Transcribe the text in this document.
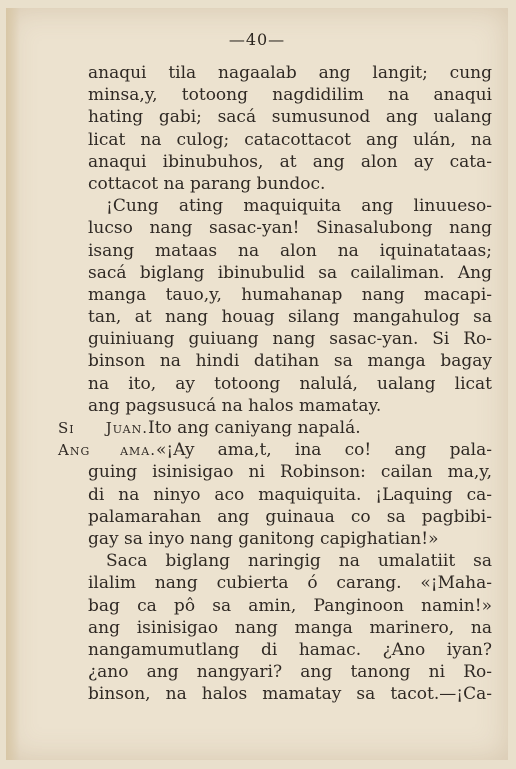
—40—
anaqui tila nagaalab ang langit; cung
minsa,y, totoong nagdidilim na anaqui
hating gabi; sacá sumusunod ang ualang
licat na culog; catacottacot ang ulán, na
anaqui ibinubuhos, at ang alon ay cata-
cottacot na parang bundoc.
¡Cung ating maquiquita ang linuueso-
lucso nang sasac-yan! Sinasalubong nang
isang mataas na alon na iquinatataas;
sacá biglang ibinubulid sa cailaliman. Ang
manga tauo,y, humahanap nang macapi-
tan, at nang houag silang mangahulog sa
guiniuang guiuang nang sasac-yan. Si Ro-
binson na hindi datihan sa manga bagay
na ito, ay totoong nalulá, ualang licat
ang pagsusucá na halos mamatay.
Si Juan. Ito ang caniyang napalá.
Ang ama. «¡Ay ama,t, ina co! ang pala-
guing isinisigao ni Robinson: cailan ma,y,
di na ninyo aco maquiquita. ¡Laquing ca-
palamarahan ang guinaua co sa pagbibi-
gay sa inyo nang ganitong capighatian!»
Saca biglang naringig na umalatiit sa
ilalim nang cubierta ó carang. «¡Maha-
bag ca pô sa amin, Panginoon namin!»
ang isinisigao nang manga marinero, na
nangamumutlang di hamac. ¿Ano iyan?
¿ano ang nangyari? ang tanong ni Ro-
binson, na halos mamatay sa tacot.—¡Ca-
